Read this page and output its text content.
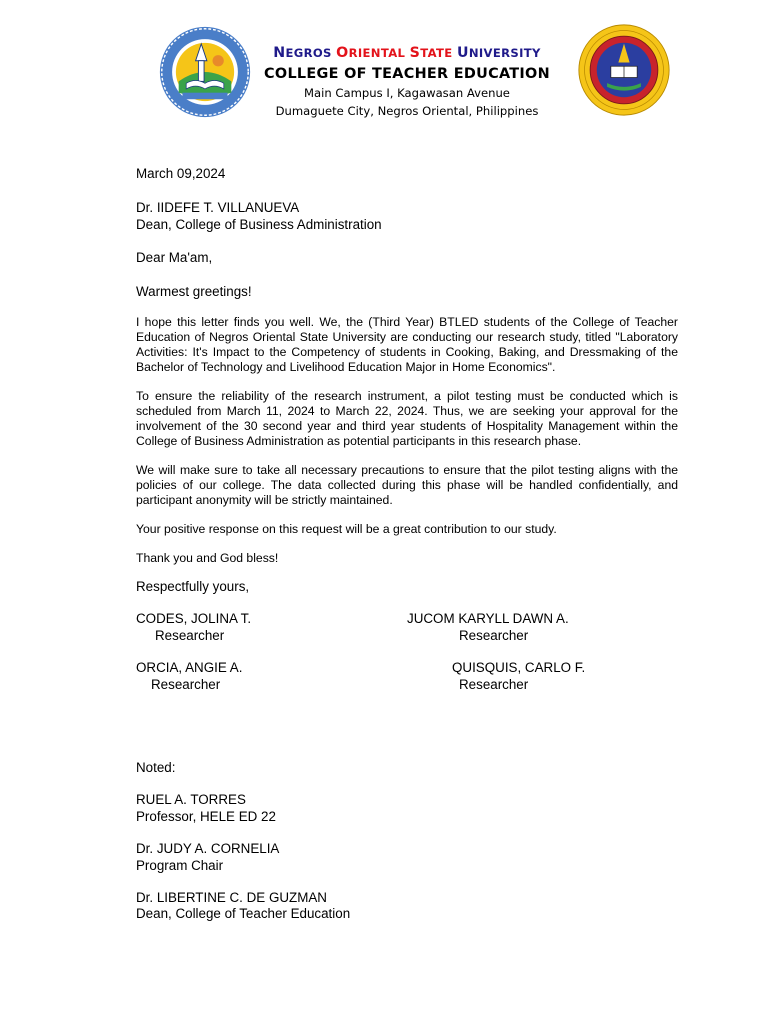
NEGROS ORIENTAL STATE UNIVERSITY
COLLEGE OF TEACHER EDUCATION
Main Campus I, Kagawasan Avenue
Dumaguete City, Negros Oriental, Philippines
March 09,2024
Dr. IIDEFE T. VILLANUEVA
Dean, College of Business Administration
Dear Ma'am,
Warmest greetings!
I hope this letter finds you well. We, the (Third Year) BTLED students of the College of Teacher Education of Negros Oriental State University are conducting our research study, titled "Laboratory Activities: It's Impact to the Competency of students in Cooking, Baking, and Dressmaking of the Bachelor of Technology and Livelihood Education Major in Home Economics".
To ensure the reliability of the research instrument, a pilot testing must be conducted which is scheduled from March 11, 2024 to March 22, 2024. Thus, we are seeking your approval for the involvement of the 30 second year and third year students of Hospitality Management within the College of Business Administration as potential participants in this research phase.
We will make sure to take all necessary precautions to ensure that the pilot testing aligns with the policies of our college. The data collected during this phase will be handled confidentially, and participant anonymity will be strictly maintained.
Your positive response on this request will be a great contribution to our study.
Thank you and God bless!
Respectfully yours,
CODES, JOLINA T.
Researcher
JUCOM KARYLL DAWN A.
Researcher
ORCIA, ANGIE A.
Researcher
QUISQUIS, CARLO F.
Researcher
Noted:
RUEL A. TORRES
Professor, HELE ED 22
Dr. JUDY A. CORNELIA
Program Chair
Dr. LIBERTINE C. DE GUZMAN
Dean, College of Teacher Education
